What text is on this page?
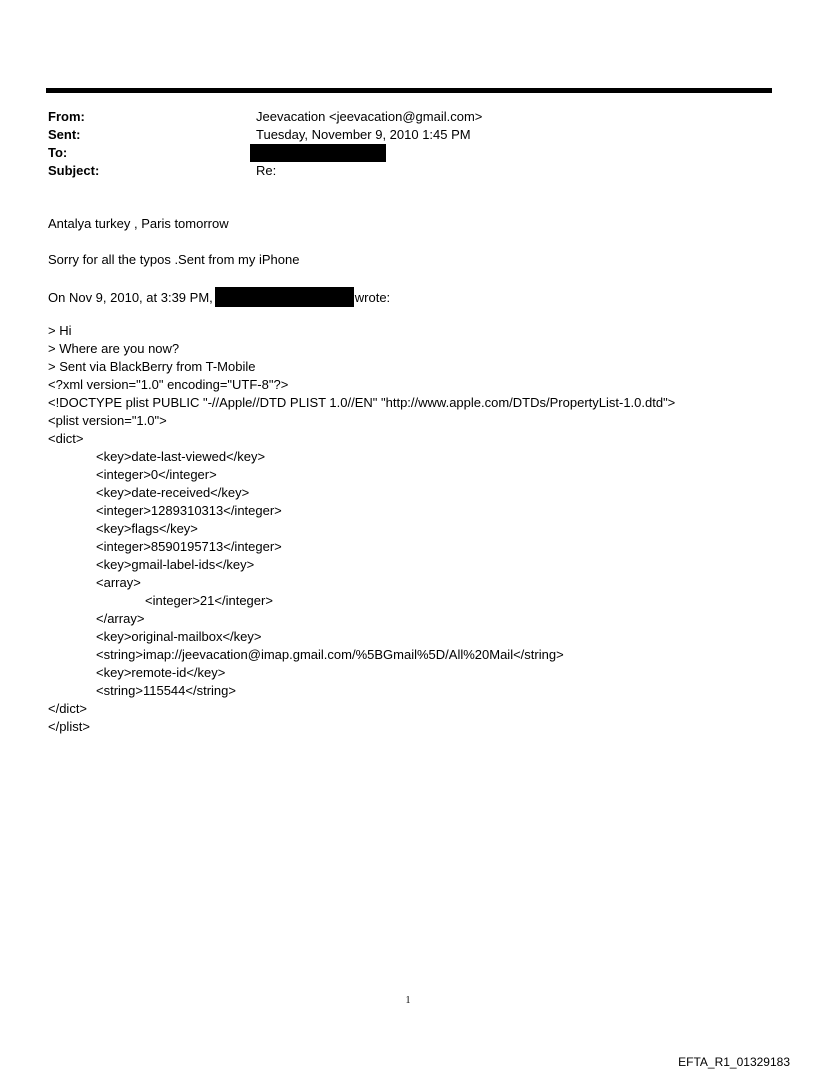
From:	Jeevacation <jeevacation@gmail.com>
Sent:	Tuesday, November 9, 2010 1:45 PM
To:
Subject:	Re:
Antalya turkey , Paris tomorrow
Sorry for all the typos .Sent from my iPhone
On Nov 9, 2010, at 3:39 PM,	wrote:
> Hi
> Where are you now?
> Sent via BlackBerry from T-Mobile
<?xml version="1.0" encoding="UTF-8"?>
<!DOCTYPE plist PUBLIC "-//Apple//DTD PLIST 1.0//EN" "http://www.apple.com/DTDs/PropertyList-1.0.dtd">
<plist version="1.0">
<dict>
<key>date-last-viewed</key>
<integer>0</integer>
<key>date-received</key>
<integer>1289310313</integer>
<key>flags</key>
<integer>8590195713</integer>
<key>gmail-label-ids</key>
<array>
<integer>21</integer>
</array>
<key>original-mailbox</key>
<string>imap://jeevacation@imap.gmail.com/%5BGmail%5D/All%20Mail</string>
<key>remote-id</key>
<string>115544</string>
</dict>
</plist>
1
EFTA_R1_01329183
